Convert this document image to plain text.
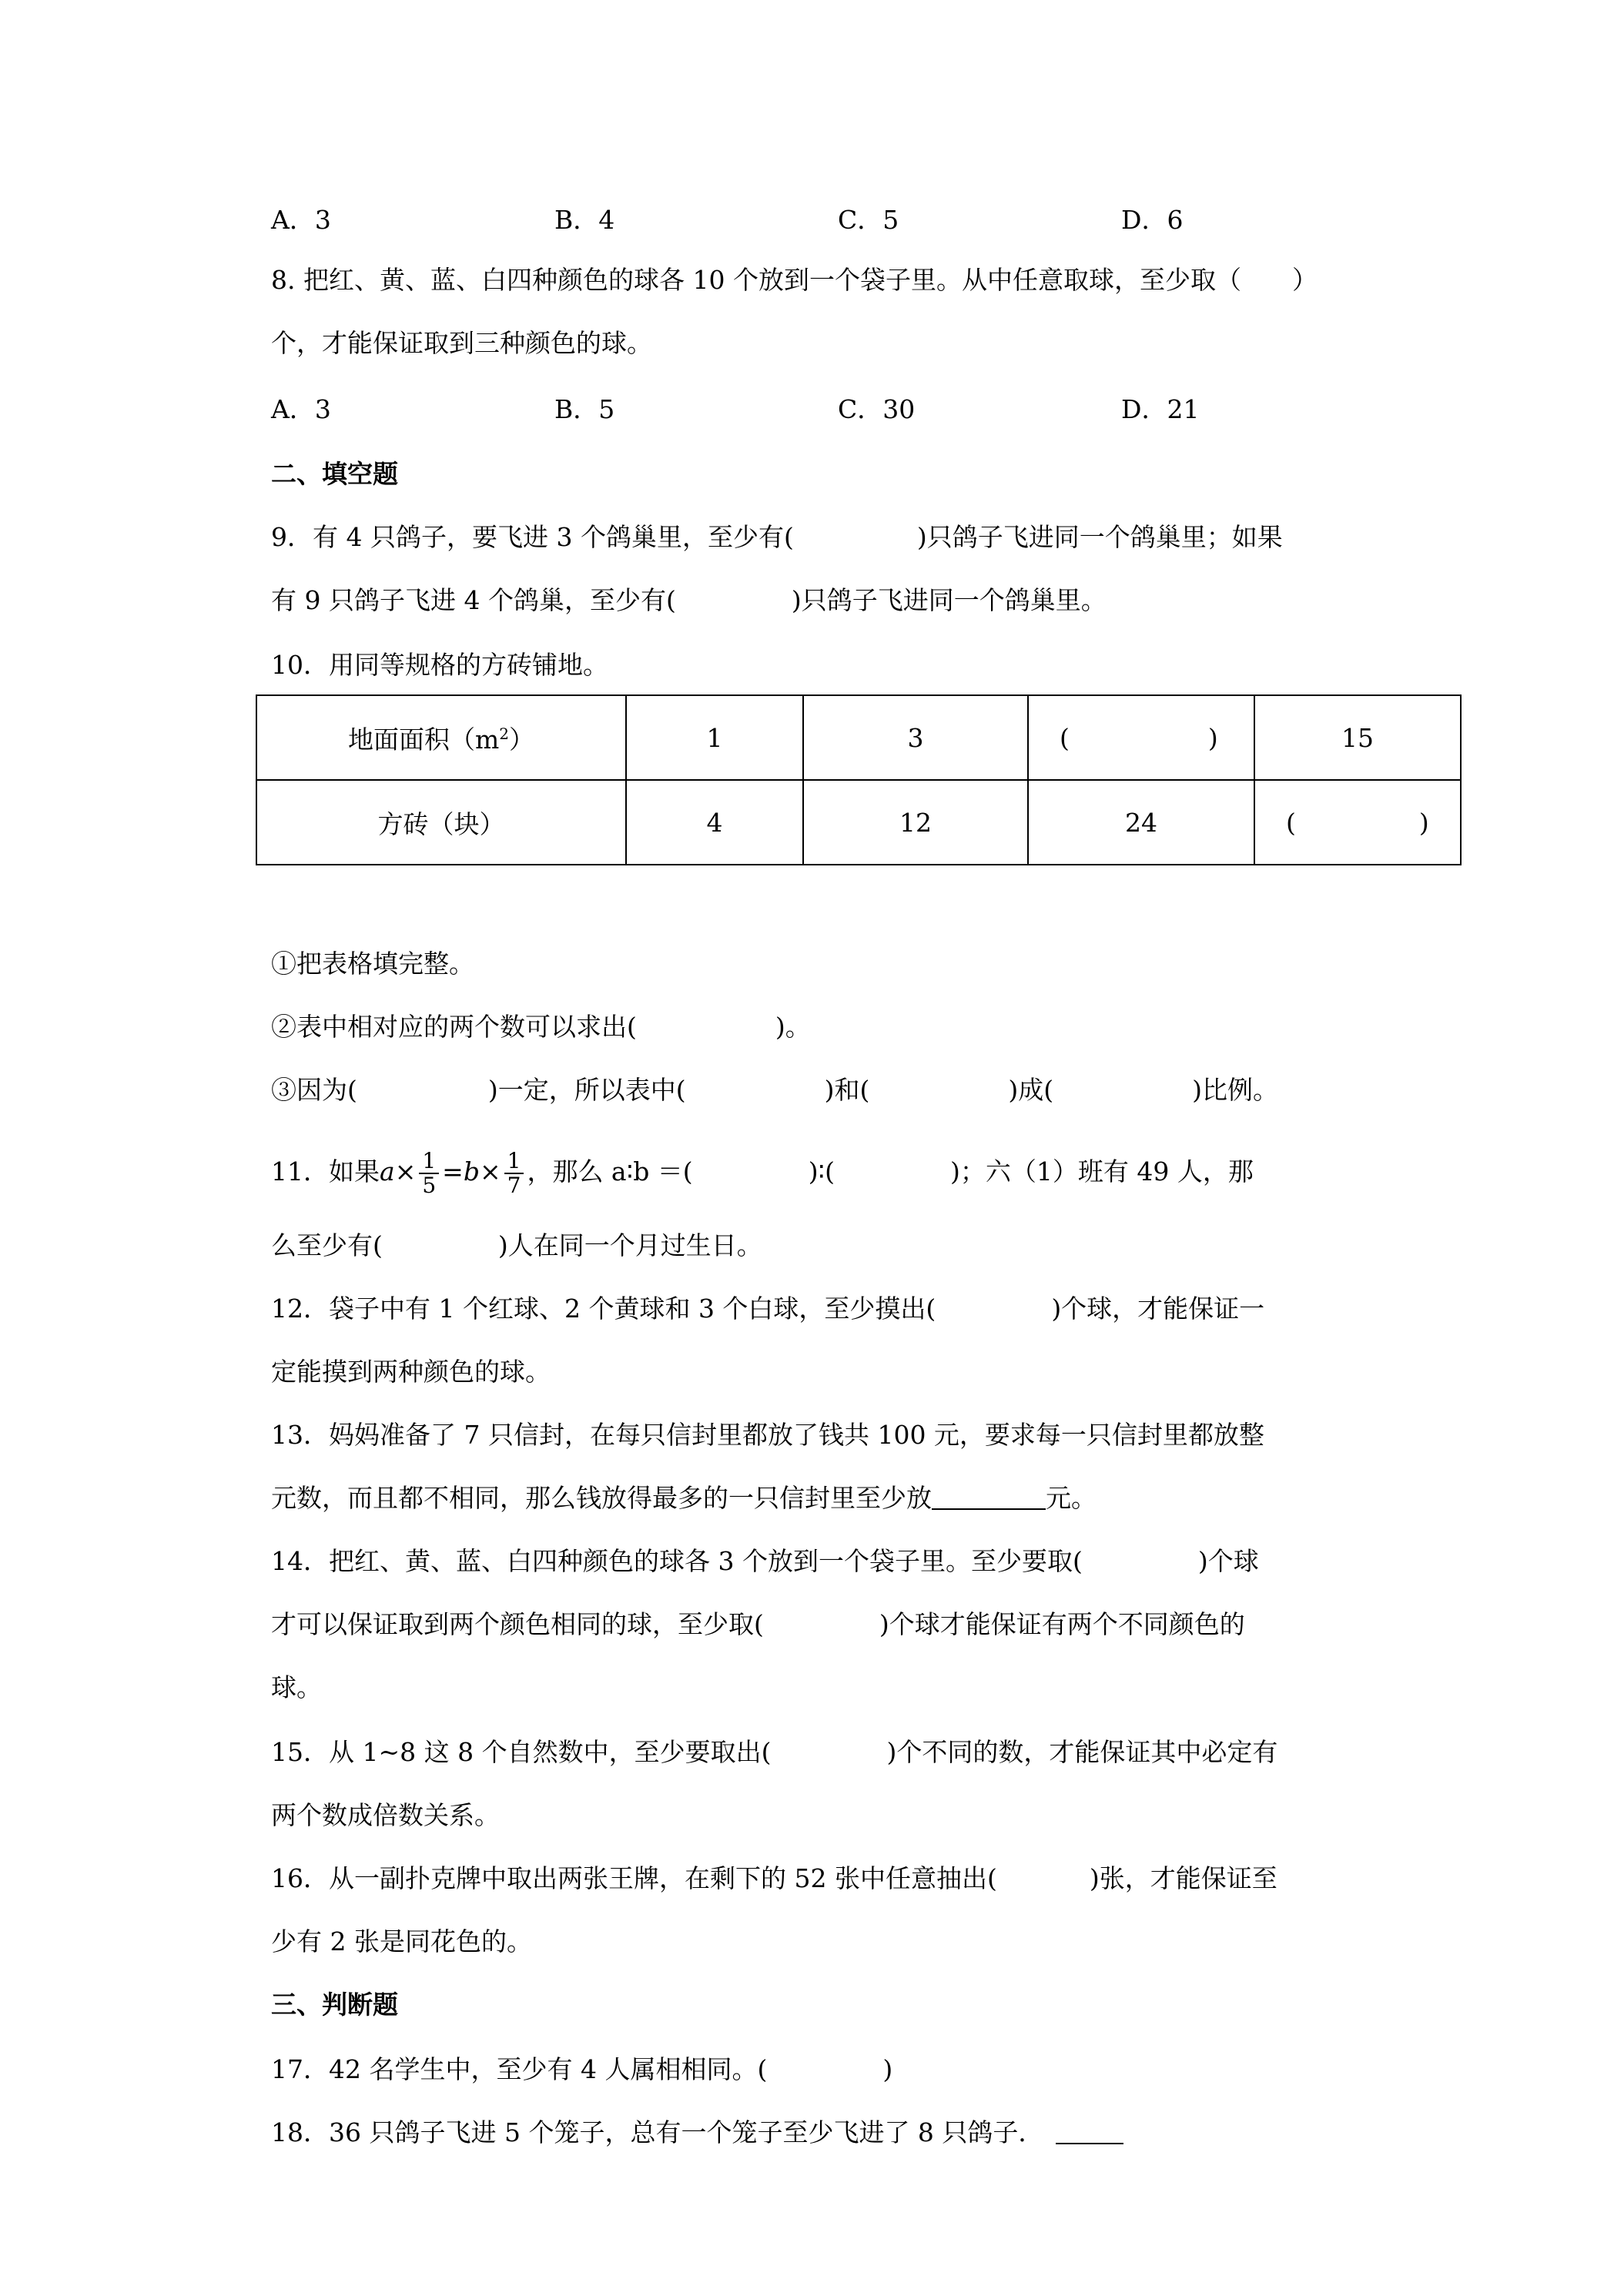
A．3	B．4	C．5	D．6
8. 把红、黄、蓝、白四种颜色的球各 10 个放到一个袋子里。从中任意取球，至少取（　　）
个，才能保证取到三种颜色的球。
A．3	B．5	C．30	D．21
二、填空题
9．有 4 只鸽子，要飞进 3 个鸽巢里，至少有(	)只鸽子飞进同一个鸽巢里；如果
有 9 只鸽子飞进 4 个鸽巢，至少有(	)只鸽子飞进同一个鸽巢里。
10．用同等规格的方砖铺地。
地面面积$(m^2)$	1	3	( )	15
方砖（块）	4	12	24	( )
①把表格填完整。
②表中相对应的两个数可以求出(	)。
③因为(	)一定，所以表中(	)和(	)成(	)比例。
11．如果$a\times \frac{1}{5} =b\times \frac{1}{7}$ ，那么 a∶b ＝(	)∶(	)；六（1）班有 49 人，那
么至少有(	)人在同一个月过生日。
12．袋子中有 1 个红球、2 个黄球和 3 个白球，至少摸出(	)个球，才能保证一
定能摸到两种颜色的球。
13．妈妈准备了 7 只信封，在每只信封里都放了钱共 100 元，要求每一只信封里都放整
元数，而且都不相同，那么钱放得最多的一只信封里至少放	元。
14．把红、黄、蓝、白四种颜色的球各 3 个放到一个袋子里。至少要取(	)个球
才可以保证取到两个颜色相同的球，至少取(	)个球才能保证有两个不同颜色的
球。
15．从 1~8 这 8 个自然数中，至少要取出(	)个不同的数，才能保证其中必定有
两个数成倍数关系。
16．从一副扑克牌中取出两张王牌，在剩下的 52 张中任意抽出(	)张，才能保证至
少有 2 张是同花色的。
三、判断题
17．42 名学生中，至少有 4 人属相相同。(	)
18．36 只鸽子飞进 5 个笼子，总有一个笼子至少飞进了 8 只鸽子．
